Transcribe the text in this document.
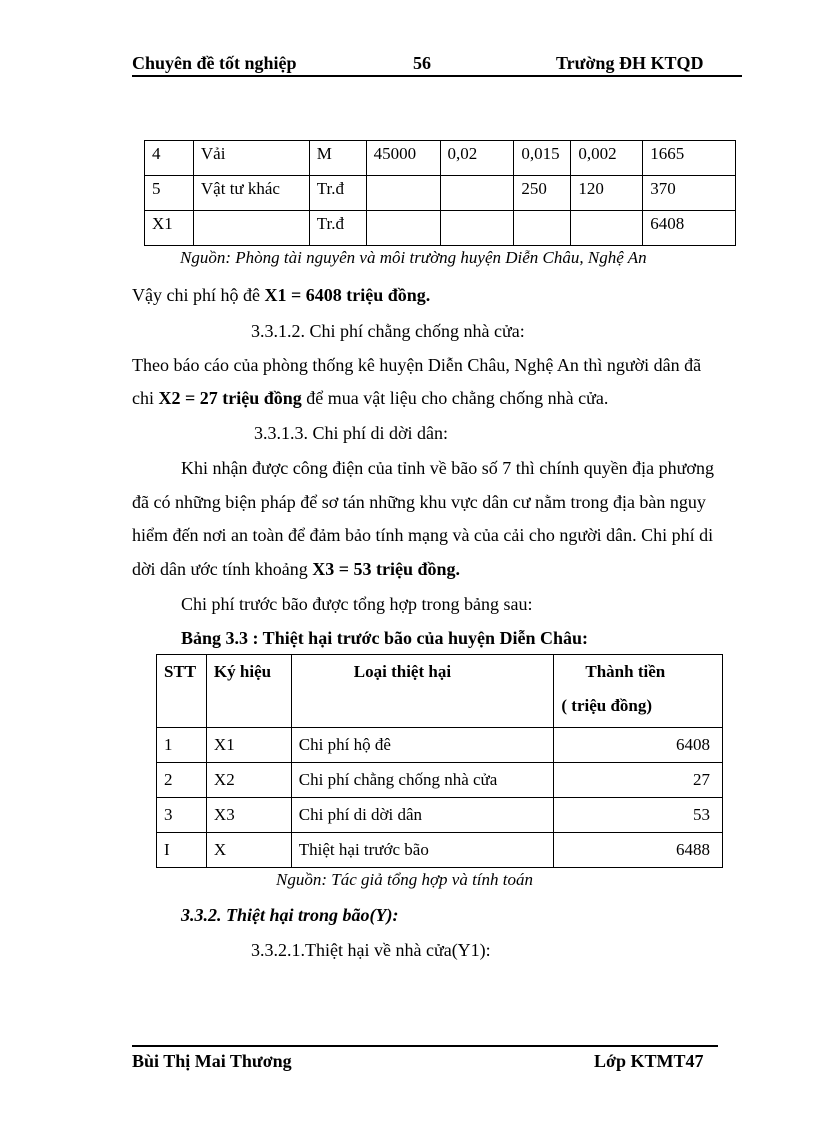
Chuyên đề tốt nghiệp	56	Trường ĐH KTQD
4	Vải	M	45000	0,02	0,015	0,002	1665
5	Vật tư khác	Tr.đ			250	120	370
X1		Tr.đ					6408
Nguồn: Phòng tài nguyên và môi trường huyện Diễn Châu, Nghệ An
Vậy chi phí hộ đê X1 = 6408 triệu đồng.
3.3.1.2. Chi phí chằng chống nhà cửa:
Theo báo cáo của phòng thống kê huyện Diễn Châu, Nghệ An thì người dân đã
chi X2 = 27 triệu đồng để mua vật liệu cho chằng chống nhà cửa.
3.3.1.3. Chi phí di dời dân:
Khi nhận được công điện của tỉnh về bão số 7 thì chính quyền địa phương
đã có những biện pháp để sơ tán những khu vực dân cư nằm trong địa bàn nguy
hiểm đến nơi an toàn để đảm bảo tính mạng và của cải cho người dân. Chi phí di
dời dân ước tính khoảng X3 = 53 triệu đồng.
Chi phí trước bão được tổng hợp trong bảng sau:
Bảng 3.3 : Thiệt hại trước bão của huyện Diễn Châu:
STT	Ký hiệu	Loại thiệt hại	Thành tiền
( triệu đồng)

1	X1	Chi phí hộ đê	6408
2	X2	Chi phí chằng chống nhà cửa	27
3	X3	Chi phí di dời dân	53
I	X	Thiệt hại trước bão	6488
Nguồn: Tác giả tổng hợp và tính toán
3.3.2. Thiệt hại trong bão(Y):
3.3.2.1.Thiệt hại về nhà cửa(Y1):
Bùi Thị Mai Thương	Lớp KTMT47
